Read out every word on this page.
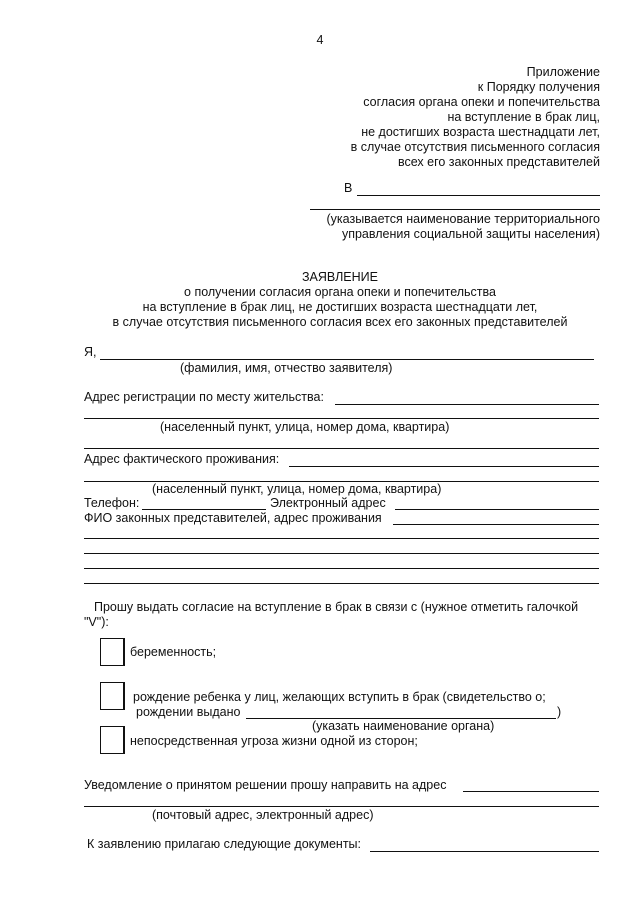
4
Приложение
к Порядку получения
согласия органа опеки и попечительства
на вступление в брак лиц,
не достигших возраста шестнадцати лет,
в случае отсутствия письменного согласия
всех его законных представителей
В
(указывается наименование территориального
управления социальной защиты населения)
ЗАЯВЛЕНИЕ
о получении согласия органа опеки и попечительства
на вступление в брак лиц, не достигших возраста шестнадцати лет,
в случае отсутствия письменного согласия всех его законных представителей
Я,
(фамилия, имя, отчество заявителя)
Адрес регистрации по месту жительства:
(населенный пункт, улица, номер дома, квартира)
Адрес фактического проживания:
(населенный пункт, улица, номер дома, квартира)
Телефон:	Электронный адрес
ФИО законных представителей, адрес проживания
Прошу выдать согласие на вступление в брак в связи с (нужное отметить галочкой
"V"):
беременность;
рождение ребенка у лиц, желающих вступить в брак (свидетельство о;
рождении выдано	)
(указать наименование органа)
непосредственная угроза жизни одной из сторон;
Уведомление о принятом решении прошу направить на адрес
(почтовый адрес, электронный адрес)
К заявлению прилагаю следующие документы:
